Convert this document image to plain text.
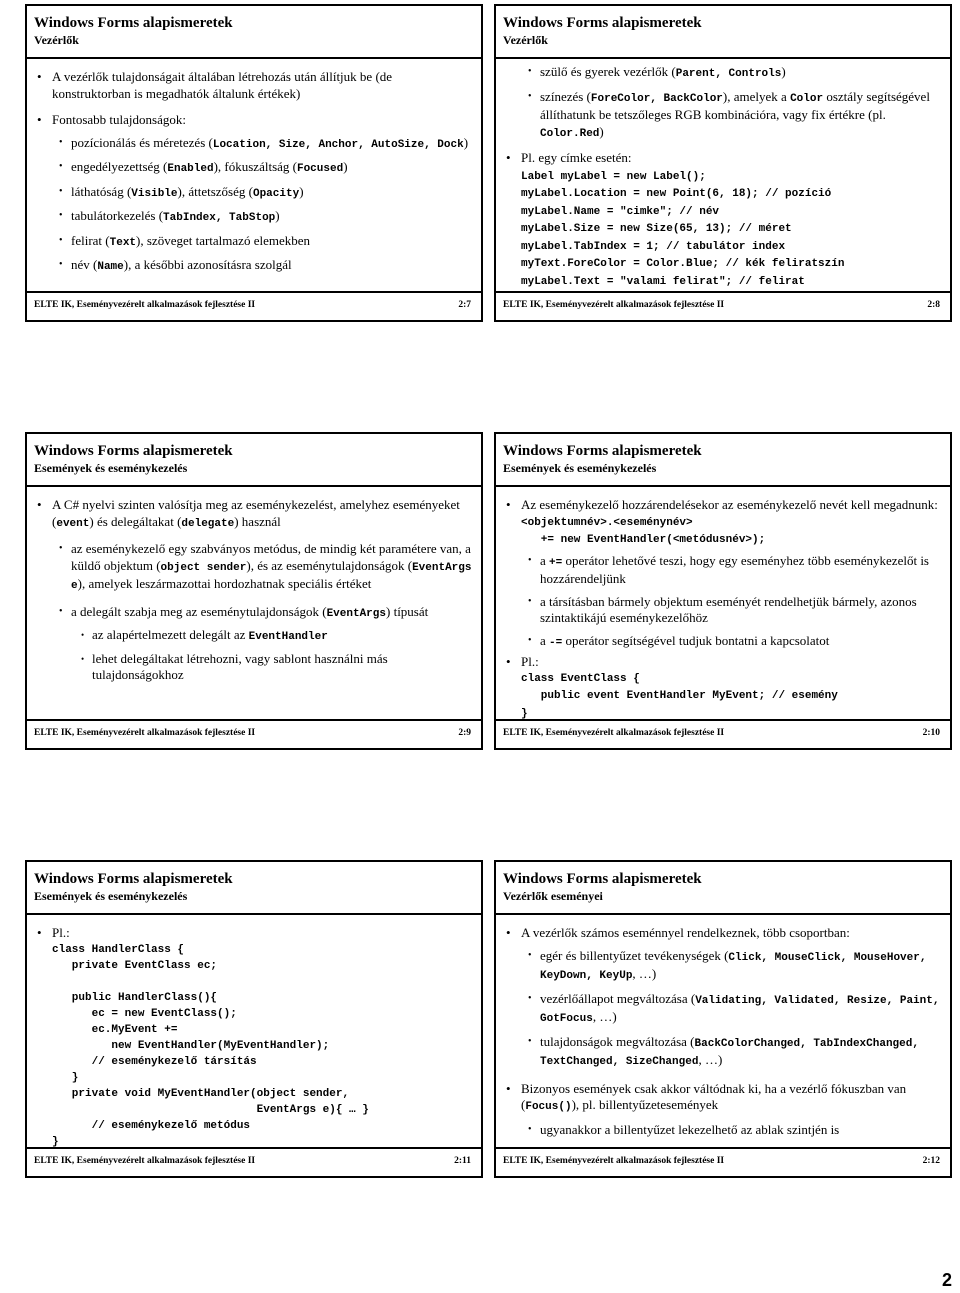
Windows Forms alapismeretek
Vezérlők
• A vezérlők tulajdonságait általában létrehozás után állítjuk be (de konstruktorban is megadhatók általunk értékek)
• Fontosabb tulajdonságok:
• pozícionálás és méretezés (Location, Size, Anchor, AutoSize, Dock)
• engedélyezettség (Enabled), fókuszáltság (Focused)
• láthatóság (Visible), áttetszőség (Opacity)
• tabulátorkezelés (TabIndex, TabStop)
• felirat (Text), szöveget tartalmazó elemekben
• név (Name), a későbbi azonosításra szolgál
ELTE IK, Eseményvezérelt alkalmazások fejlesztése II	2:7
Windows Forms alapismeretek
Vezérlők
• szülő és gyerek vezérlők (Parent, Controls)
• színezés (ForeColor, BackColor), amelyek a Color osztály segítségével állíthatunk be tetszőleges RGB kombinációra, vagy fix értékre (pl. Color.Red)
• Pl. egy címke esetén:
Label myLabel = new Label();
myLabel.Location = new Point(6, 18); // pozíció
myLabel.Name = "cimke"; // név
myLabel.Size = new Size(65, 13); // méret
myLabel.TabIndex = 1; // tabulátor index
myText.ForeColor = Color.Blue; // kék feliratszín
myLabel.Text = "valami felirat"; // felirat
ELTE IK, Eseményvezérelt alkalmazások fejlesztése II	2:8
Windows Forms alapismeretek
Események és eseménykezelés
• A C# nyelvi szinten valósítja meg az eseménykezelést, amelyhez eseményeket (event) és delegáltakat (delegate) használ
• az eseménykezelő egy szabványos metódus, de mindig két paramétere van, a küldő objektum (object sender), és az eseménytulajdonságok (EventArgs e), amelyek leszármazottai hordozhatnak speciális értéket
• a delegált szabja meg az eseménytulajdonságok (EventArgs) típusát
• az alapértelmezett delegált az EventHandler
• lehet delegáltakat létrehozni, vagy sablont használni más tulajdonságokhoz
ELTE IK, Eseményvezérelt alkalmazások fejlesztése II	2:9
Windows Forms alapismeretek
Események és eseménykezelés
• Az eseménykezelő hozzárendelésekor az eseménykezelő nevét kell megadnunk:
<objektumnév>.<eseménynév>
+= new EventHandler(<metódusnév>);
• a += operátor lehetővé teszi, hogy egy eseményhez több eseménykezelőt is hozzárendeljünk
• a társításban bármely objektum eseményét rendelhetjük bármely, azonos szintaktikájú eseménykezelőhöz
• a -= operátor segítségével tudjuk bontatni a kapcsolatot
• Pl.:
class EventClass {
public event EventHandler MyEvent; // esemény
}
ELTE IK, Eseményvezérelt alkalmazások fejlesztése II	2:10
Windows Forms alapismeretek
Események és eseménykezelés
• Pl.:
class HandlerClass {
private EventClass ec;

public HandlerClass(){
ec = new EventClass();
ec.MyEvent +=
new EventHandler(MyEventHandler);
// eseménykezelő társítás
}
private void MyEventHandler(object sender,
EventArgs e){ … }
// eseménykezelő metódus
}
ELTE IK, Eseményvezérelt alkalmazások fejlesztése II	2:11
Windows Forms alapismeretek
Vezérlők eseményei
• A vezérlők számos eseménnyel rendelkeznek, több csoportban:
• egér és billentyűzet tevékenységek (Click, MouseClick, MouseHover, KeyDown, KeyUp, …)
• vezérlőállapot megváltozása (Validating, Validated, Resize, Paint, GotFocus, …)
• tulajdonságok megváltozása (BackColorChanged, TabIndexChanged, TextChanged, SizeChanged, …)
• Bizonyos események csak akkor váltódnak ki, ha a vezérlő fókuszban van (Focus()), pl. billentyűzetesemények
• ugyanakkor a billentyűzet lekezelhető az ablak szintjén is
ELTE IK, Eseményvezérelt alkalmazások fejlesztése II	2:12
2
